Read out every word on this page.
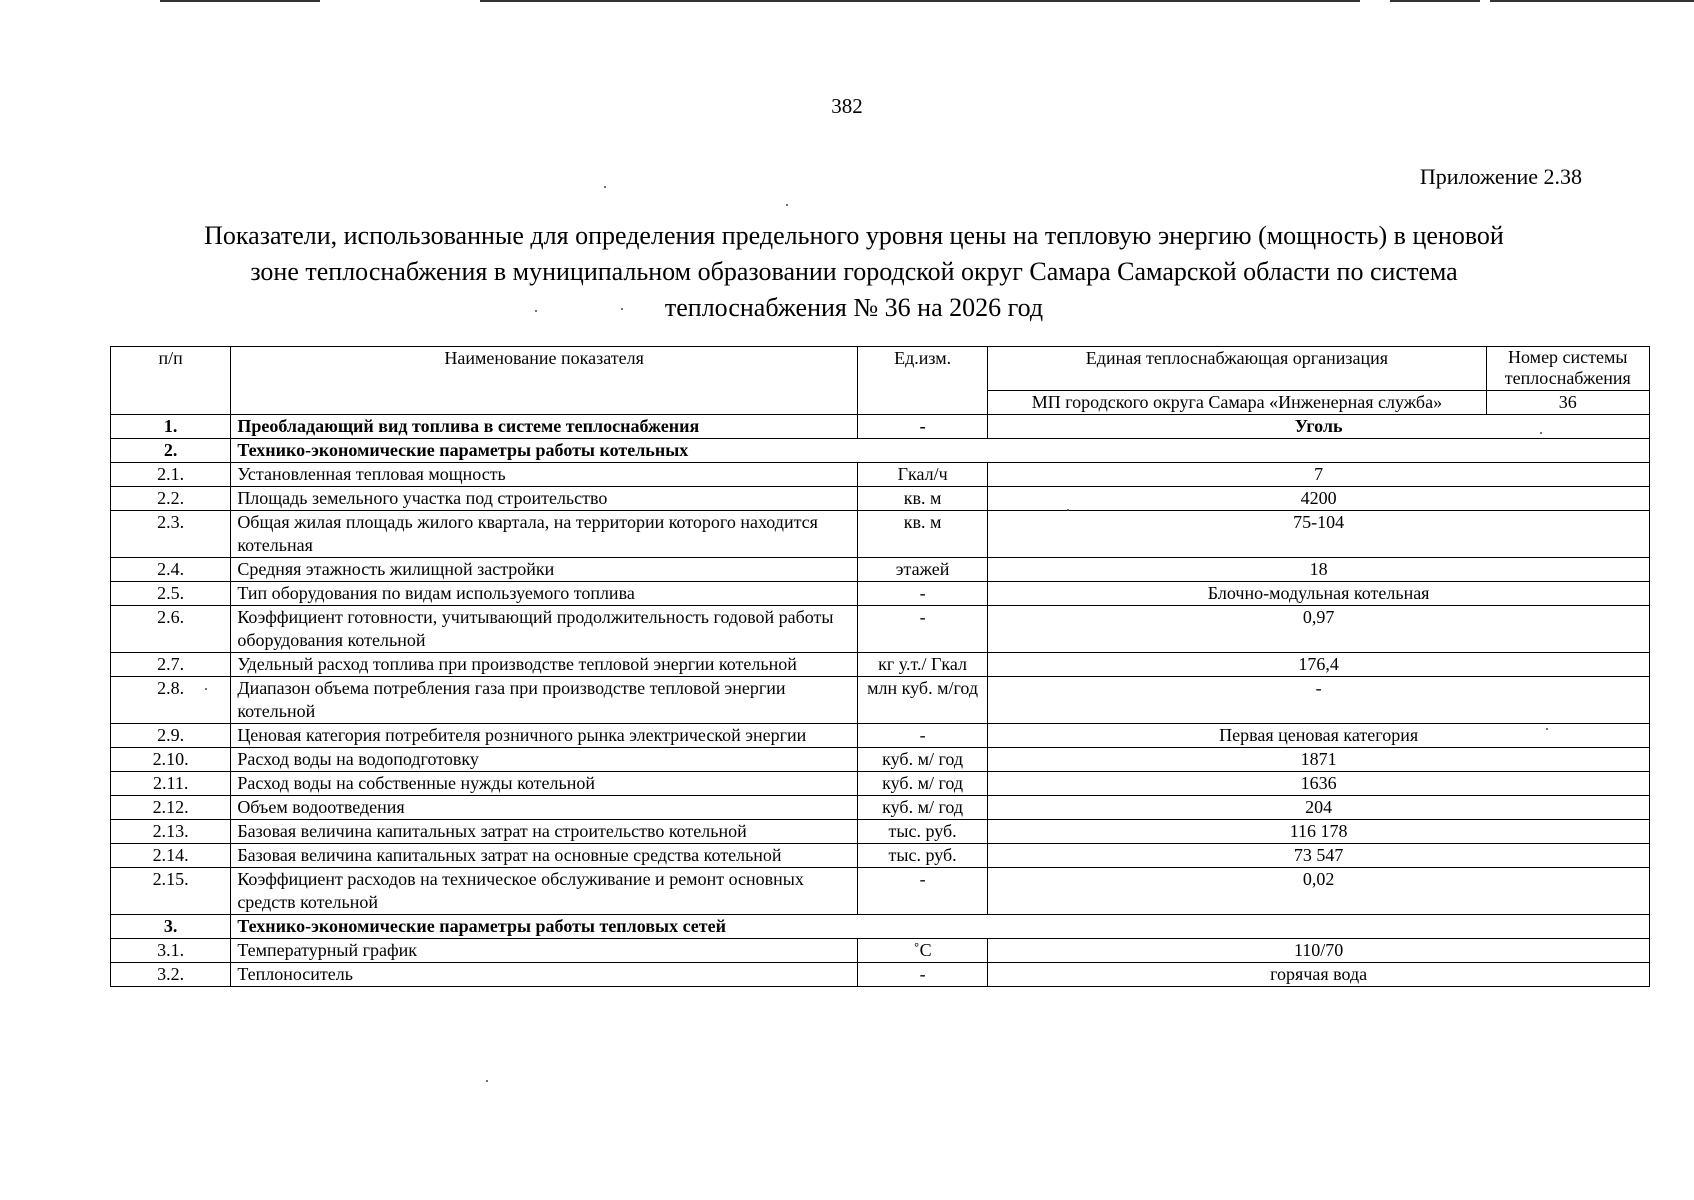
382
Приложение 2.38
Показатели, использованные для определения предельного уровня цены на тепловую энергию (мощность) в ценовой
зоне теплоснабжения в муниципальном образовании городской округ Самара Самарской области по система
теплоснабжения № 36 на 2026 год
п/п	Наименование показателя	Ед.изм.	Единая теплоснабжающая организация	Номер системы теплоснабжения
			МП городского округа Самара «Инженерная служба»	36
1.	Преобладающий вид топлива в системе теплоснабжения	-	Уголь	
2.	Технико-экономические параметры работы котельных			
2.1.	Установленная тепловая мощность	Гкал/ч	7	
2.2.	Площадь земельного участка под строительство	кв. м	4200	
2.3.	Общая жилая площадь жилого квартала, на территории которого находится котельная	кв. м	75-104	
2.4.	Средняя этажность жилищной застройки	этажей	18	
2.5.	Тип оборудования по видам используемого топлива	-	Блочно-модульная котельная	
2.6.	Коэффициент готовности, учитывающий продолжительность годовой работы оборудования котельной	-	0,97	
2.7.	Удельный расход топлива при производстве тепловой энергии котельной	кг у.т./ Гкал	176,4	
2.8.	Диапазон объема потребления газа при производстве тепловой энергии котельной	млн куб. м/год	-	
2.9.	Ценовая категория потребителя розничного рынка электрической энергии	-	Первая ценовая категория	
2.10.	Расход воды на водоподготовку	куб. м/ год	1871	
2.11.	Расход воды на собственные нужды котельной	куб. м/ год	1636	
2.12.	Объем водоотведения	куб. м/ год	204	
2.13.	Базовая величина капитальных затрат на строительство котельной	тыс. руб.	116 178	
2.14.	Базовая величина капитальных затрат на основные средства котельной	тыс. руб.	73 547	
2.15.	Коэффициент расходов на техническое обслуживание и ремонт основных средств котельной	-	0,02	
3.	Технико-экономические параметры работы тепловых сетей			
3.1.	Температурный график	˚С	110/70	
3.2.	Теплоноситель	-	горячая вода	
